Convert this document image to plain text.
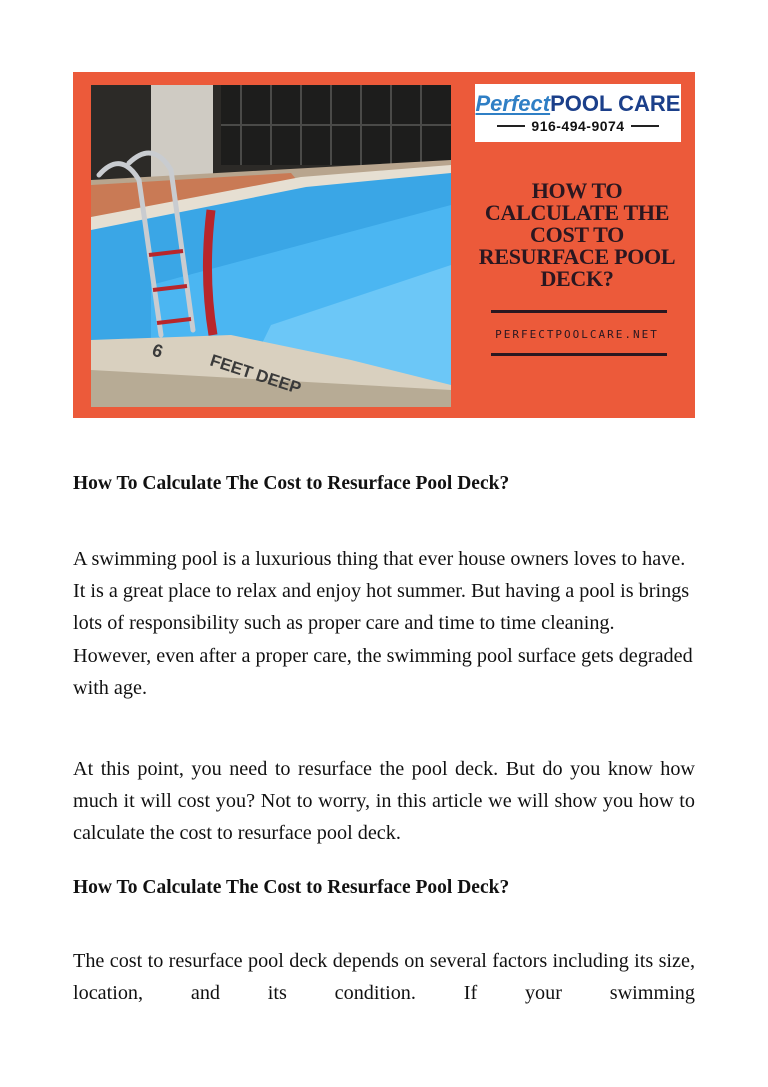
6 FEET DEEP
PerfectPOOL CARE
916-494-9074
HOW TO
CALCULATE THE
COST TO
RESURFACE POOL
DECK?
PERFECTPOOLCARE.NET
How To Calculate The Cost to Resurface Pool Deck?

A swimming pool is a luxurious thing that ever house owners loves to have. It is a great place to relax and enjoy hot summer. But having a pool is brings lots of responsibility such as proper care and time to time cleaning. However, even after a proper care, the swimming pool surface gets degraded with age.

At this point, you need to resurface the pool deck. But do you know how much it will cost you? Not to worry, in this article we will show you how to calculate the cost to resurface pool deck.

How To Calculate The Cost to Resurface Pool Deck?

The cost to resurface pool deck depends on several factors including its size, location, and its condition. If your swimming
